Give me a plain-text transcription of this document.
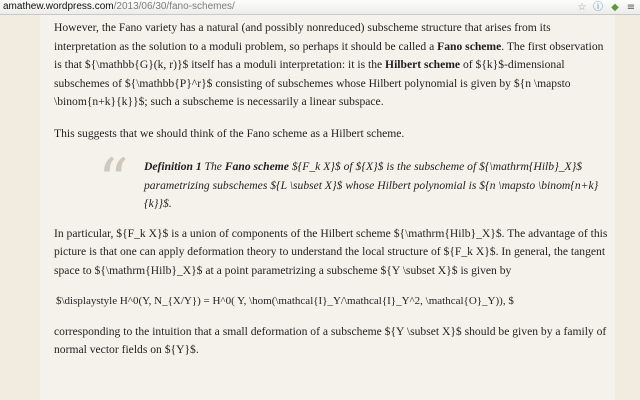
amathew.wordpress.com/2013/06/30/fano-schemes/	☆ ⓘ ◆ ≡

However, the Fano variety has a natural (and possibly nonreduced) subscheme structure that arises from its interpretation as the solution to a moduli problem, so perhaps it should be called a Fano scheme. The first observation is that ${\mathbb{G}(k, r)}$ itself has a moduli interpretation: it is the Hilbert scheme of ${k}$-dimensional subschemes of ${\mathbb{P}^r}$ consisting of subschemes whose Hilbert polynomial is given by ${n \mapsto \binom{n+k}{k}}$; such a subscheme is necessarily a linear subspace.

This suggests that we should think of the Fano scheme as a Hilbert scheme.

“ Definition 1 The Fano scheme ${F_k X}$ of ${X}$ is the subscheme of ${\mathrm{Hilb}_X}$ parametrizing subschemes ${L \subset X}$ whose Hilbert polynomial is ${n \mapsto \binom{n+k}{k}}$.

In particular, ${F_k X}$ is a union of components of the Hilbert scheme ${\mathrm{Hilb}_X}$. The advantage of this picture is that one can apply deformation theory to understand the local structure of ${F_k X}$. In general, the tangent space to ${\mathrm{Hilb}_X}$ at a point parametrizing a subscheme ${Y \subset X}$ is given by

$\displaystyle H^0(Y, N_{X/Y}) = H^0( Y, \hom(\mathcal{I}_Y/\mathcal{I}_Y^2, \mathcal{O}_Y)), $

corresponding to the intuition that a small deformation of a subscheme ${Y \subset X}$ should be given by a family of normal vector fields on ${Y}$.
